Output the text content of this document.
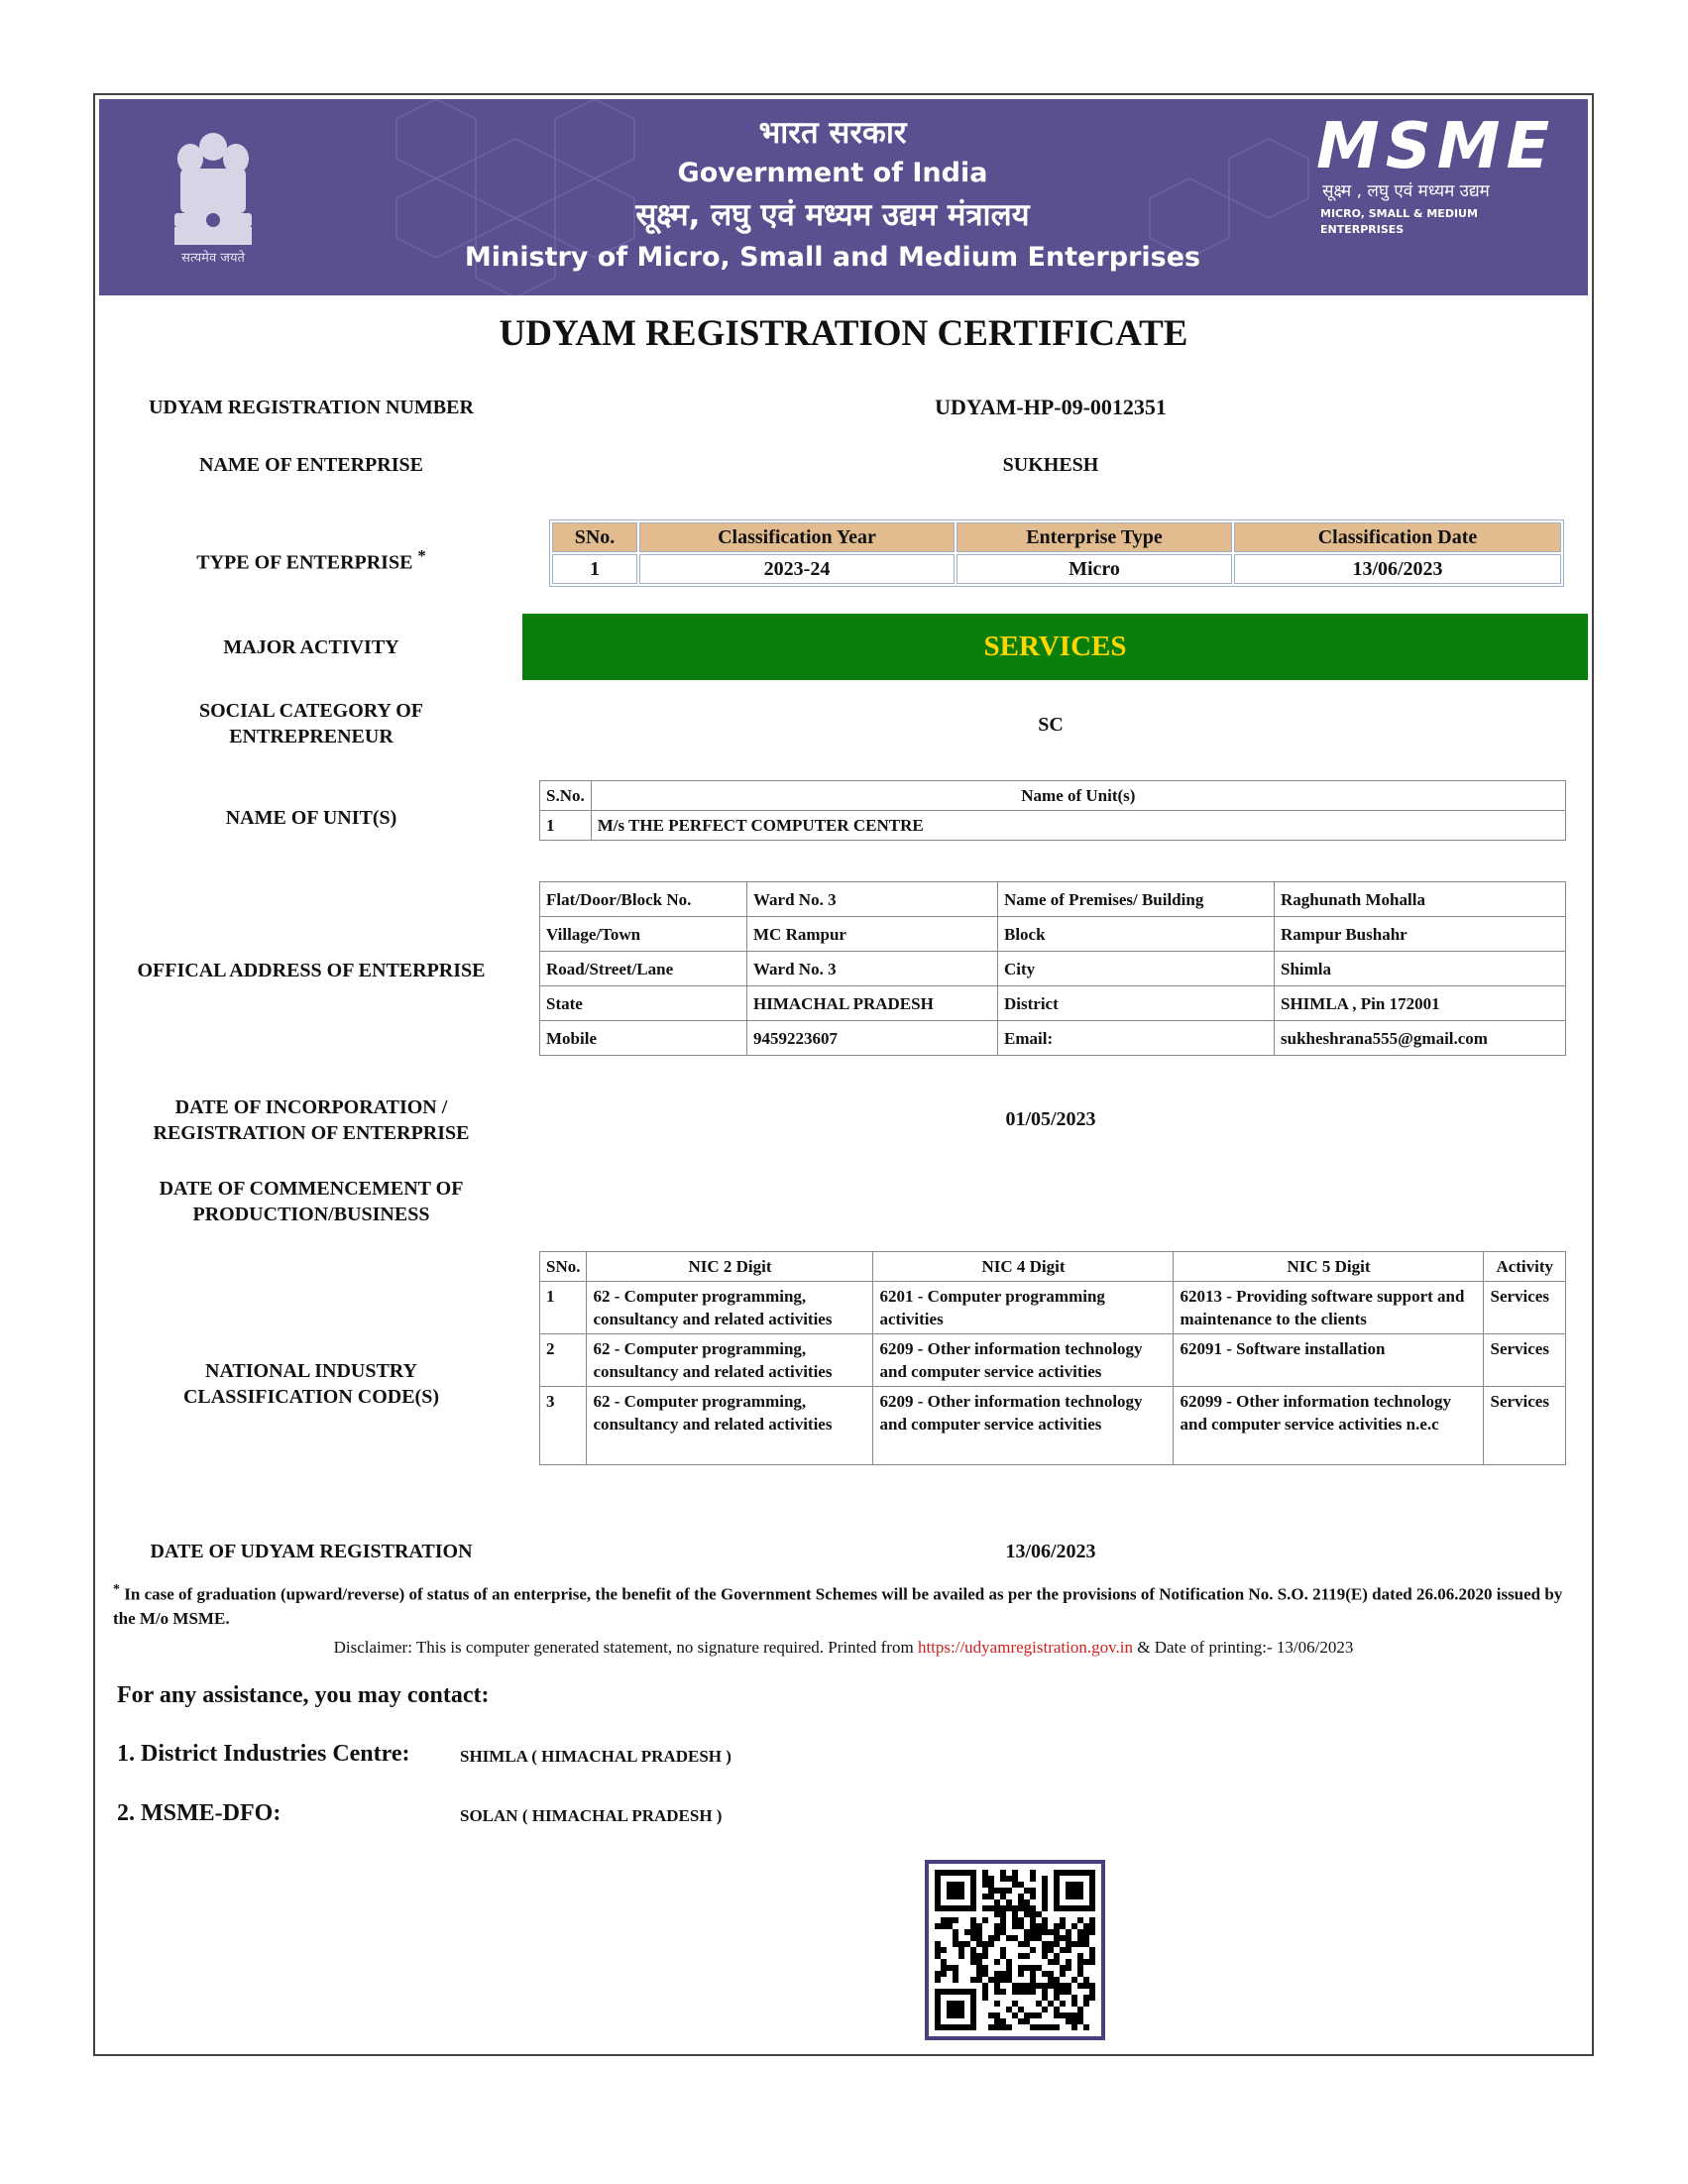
सत्यमेव जयते
भारत सरकार
Government of India
सूक्ष्म, लघु एवं मध्यम उद्यम मंत्रालय
Ministry of Micro, Small and Medium Enterprises
MSME
सूक्ष्म , लघु एवं मध्यम उद्यम
MICRO, SMALL & MEDIUM ENTERPRISES
UDYAM REGISTRATION CERTIFICATE
UDYAM REGISTRATION NUMBER	UDYAM-HP-09-0012351
NAME OF ENTERPRISE	SUKHESH
TYPE OF ENTERPRISE *
SNo.	Classification Year	Enterprise Type	Classification Date
1	2023-24	Micro	13/06/2023
MAJOR ACTIVITY	SERVICES
SOCIAL CATEGORY OF
ENTREPRENEUR
SC
NAME OF UNIT(S)
S.No.	Name of Unit(s)
1	M/s THE PERFECT COMPUTER CENTRE
OFFICAL ADDRESS OF ENTERPRISE
Flat/Door/Block No.	Ward No. 3	Name of Premises/ Building	Raghunath Mohalla
Village/Town	MC Rampur	Block	Rampur Bushahr
Road/Street/Lane	Ward No. 3	City	Shimla
State	HIMACHAL PRADESH	District	SHIMLA , Pin 172001
Mobile	9459223607	Email:	sukheshrana555@gmail.com
DATE OF INCORPORATION /
REGISTRATION OF ENTERPRISE
01/05/2023
DATE OF COMMENCEMENT OF
PRODUCTION/BUSINESS
NATIONAL INDUSTRY
CLASSIFICATION CODE(S)
SNo.	NIC 2 Digit	NIC 4 Digit	NIC 5 Digit	Activity
1	62 - Computer programming, consultancy and related activities	6201 - Computer programming activities	62013 - Providing software support and maintenance to the clients	Services
2	62 - Computer programming, consultancy and related activities	6209 - Other information technology and computer service activities	62091 - Software installation	Services
3	62 - Computer programming, consultancy and related activities	6209 - Other information technology and computer service activities	62099 - Other information technology and computer service activities n.e.c	Services
DATE OF UDYAM REGISTRATION	13/06/2023
* In case of graduation (upward/reverse) of status of an enterprise, the benefit of the Government Schemes will be availed as per the provisions of Notification No. S.O. 2119(E) dated 26.06.2020 issued by the M/o MSME.
Disclaimer: This is computer generated statement, no signature required. Printed from https://udyamregistration.gov.in & Date of printing:- 13/06/2023
For any assistance, you may contact:
1. District Industries Centre:	SHIMLA ( HIMACHAL PRADESH )
2. MSME-DFO:	SOLAN ( HIMACHAL PRADESH )
